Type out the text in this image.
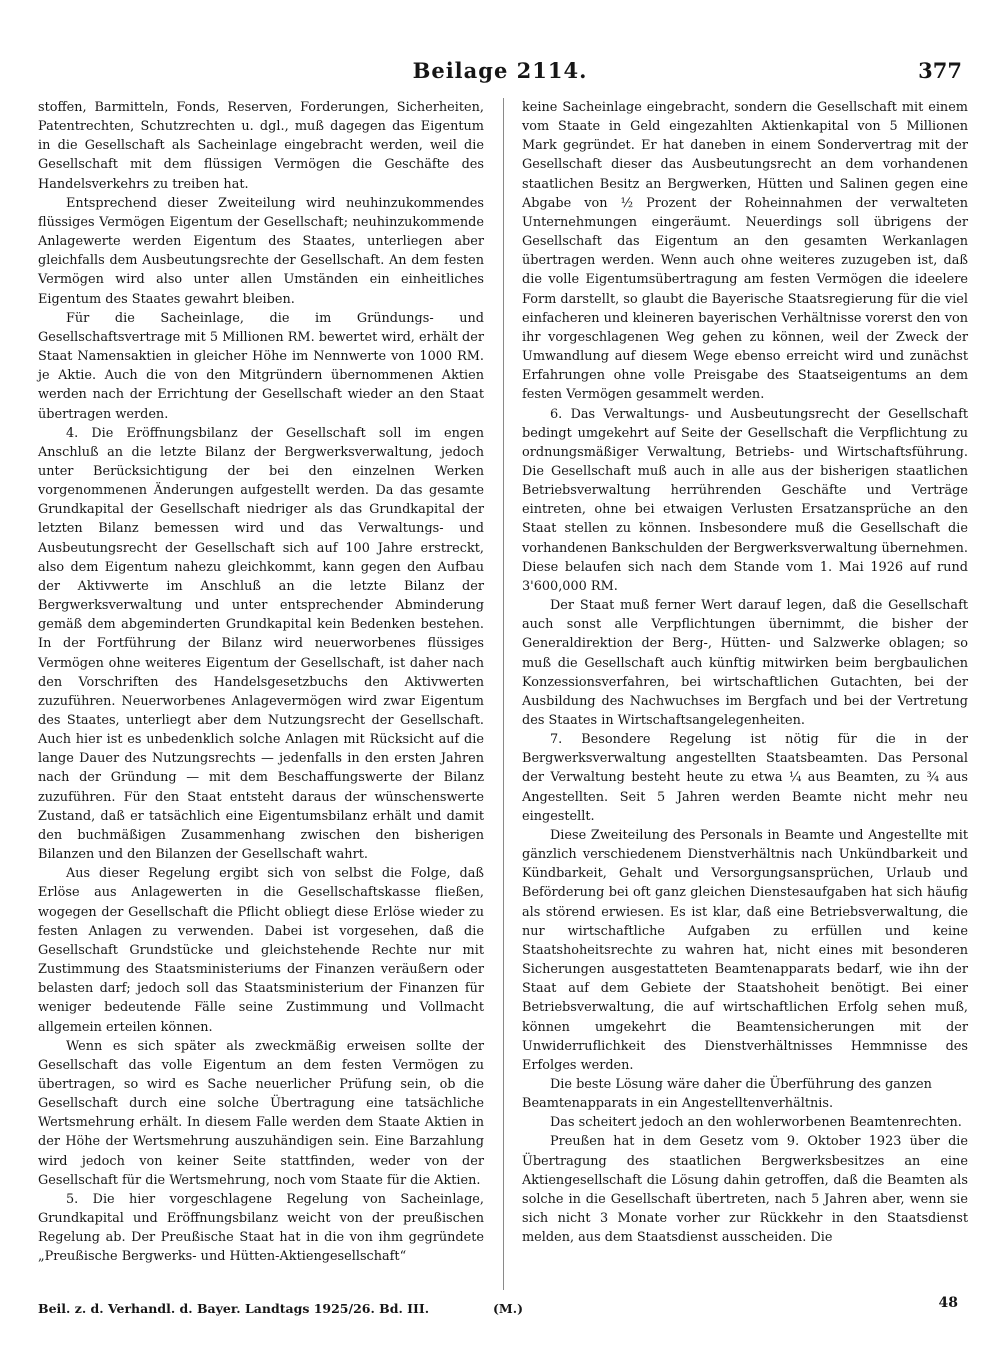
Beilage 2114.	377

stoffen, Barmitteln, Fonds, Reserven, Forderungen, Sicherheiten, Patentrechten, Schutzrechten u. dgl., muß dagegen das Eigentum in die Gesellschaft als Sacheinlage eingebracht werden, weil die Gesellschaft mit dem flüssigen Vermögen die Geschäfte des Handelsverkehrs zu treiben hat.

Entsprechend dieser Zweiteilung wird neuhinzukommendes flüssiges Vermögen Eigentum der Gesellschaft; neuhinzukommende Anlagewerte werden Eigentum des Staates, unterliegen aber gleichfalls dem Ausbeutungsrechte der Gesellschaft. An dem festen Vermögen wird also unter allen Umständen ein einheitliches Eigentum des Staates gewahrt bleiben.

Für die Sacheinlage, die im Gründungs- und Gesellschaftsvertrage mit 5 Millionen RM. bewertet wird, erhält der Staat Namensaktien in gleicher Höhe im Nennwerte von 1000 RM. je Aktie. Auch die von den Mitgründern übernommenen Aktien werden nach der Errichtung der Gesellschaft wieder an den Staat übertragen werden.

4. Die Eröffnungsbilanz der Gesellschaft soll im engen Anschluß an die letzte Bilanz der Bergwerksverwaltung, jedoch unter Berücksichtigung der bei den einzelnen Werken vorgenommenen Änderungen aufgestellt werden. Da das gesamte Grundkapital der Gesellschaft niedriger als das Grundkapital der letzten Bilanz bemessen wird und das Verwaltungs- und Ausbeutungsrecht der Gesellschaft sich auf 100 Jahre erstreckt, also dem Eigentum nahezu gleichkommt, kann gegen den Aufbau der Aktivwerte im Anschluß an die letzte Bilanz der Bergwerksverwaltung und unter entsprechender Abminderung gemäß dem abgeminderten Grundkapital kein Bedenken bestehen. In der Fortführung der Bilanz wird neuerworbenes flüssiges Vermögen ohne weiteres Eigentum der Gesellschaft, ist daher nach den Vorschriften des Handelsgesetzbuchs den Aktivwerten zuzuführen. Neuerworbenes Anlagevermögen wird zwar Eigentum des Staates, unterliegt aber dem Nutzungsrecht der Gesellschaft. Auch hier ist es unbedenklich solche Anlagen mit Rücksicht auf die lange Dauer des Nutzungsrechts — jedenfalls in den ersten Jahren nach der Gründung — mit dem Beschaffungswerte der Bilanz zuzuführen. Für den Staat entsteht daraus der wünschenswerte Zustand, daß er tatsächlich eine Eigentumsbilanz erhält und damit den buchmäßigen Zusammenhang zwischen den bisherigen Bilanzen und den Bilanzen der Gesellschaft wahrt.

Aus dieser Regelung ergibt sich von selbst die Folge, daß Erlöse aus Anlagewerten in die Gesellschaftskasse fließen, wogegen der Gesellschaft die Pflicht obliegt diese Erlöse wieder zu festen Anlagen zu verwenden. Dabei ist vorgesehen, daß die Gesellschaft Grundstücke und gleichstehende Rechte nur mit Zustimmung des Staatsministeriums der Finanzen veräußern oder belasten darf; jedoch soll das Staatsministerium der Finanzen für weniger bedeutende Fälle seine Zustimmung und Vollmacht allgemein erteilen können.

Wenn es sich später als zweckmäßig erweisen sollte der Gesellschaft das volle Eigentum an dem festen Vermögen zu übertragen, so wird es Sache neuerlicher Prüfung sein, ob die Gesellschaft durch eine solche Übertragung eine tatsächliche Wertsmehrung erhält. In diesem Falle werden dem Staate Aktien in der Höhe der Wertsmehrung auszuhändigen sein. Eine Barzahlung wird jedoch von keiner Seite stattfinden, weder von der Gesellschaft für die Wertsmehrung, noch vom Staate für die Aktien.

5. Die hier vorgeschlagene Regelung von Sacheinlage, Grundkapital und Eröffnungsbilanz weicht von der preußischen Regelung ab. Der Preußische Staat hat in die von ihm gegründete „Preußische Bergwerks- und Hütten-Aktiengesellschaft“

keine Sacheinlage eingebracht, sondern die Gesellschaft mit einem vom Staate in Geld eingezahlten Aktienkapital von 5 Millionen Mark gegründet. Er hat daneben in einem Sondervertrag mit der Gesellschaft dieser das Ausbeutungsrecht an dem vorhandenen staatlichen Besitz an Bergwerken, Hütten und Salinen gegen eine Abgabe von ½ Prozent der Roheinnahmen der verwalteten Unternehmungen eingeräumt. Neuerdings soll übrigens der Gesellschaft das Eigentum an den gesamten Werkanlagen übertragen werden. Wenn auch ohne weiteres zuzugeben ist, daß die volle Eigentumsübertragung am festen Vermögen die ideelere Form darstellt, so glaubt die Bayerische Staatsregierung für die viel einfacheren und kleineren bayerischen Verhältnisse vorerst den von ihr vorgeschlagenen Weg gehen zu können, weil der Zweck der Umwandlung auf diesem Wege ebenso erreicht wird und zunächst Erfahrungen ohne volle Preisgabe des Staatseigentums an dem festen Vermögen gesammelt werden.

6. Das Verwaltungs- und Ausbeutungsrecht der Gesellschaft bedingt umgekehrt auf Seite der Gesellschaft die Verpflichtung zu ordnungsmäßiger Verwaltung, Betriebs- und Wirtschaftsführung. Die Gesellschaft muß auch in alle aus der bisherigen staatlichen Betriebsverwaltung herrührenden Geschäfte und Verträge eintreten, ohne bei etwaigen Verlusten Ersatzansprüche an den Staat stellen zu können. Insbesondere muß die Gesellschaft die vorhandenen Bankschulden der Bergwerksverwaltung übernehmen. Diese belaufen sich nach dem Stande vom 1. Mai 1926 auf rund 3'600,000 RM.

Der Staat muß ferner Wert darauf legen, daß die Gesellschaft auch sonst alle Verpflichtungen übernimmt, die bisher der Generaldirektion der Berg-, Hütten- und Salzwerke oblagen; so muß die Gesellschaft auch künftig mitwirken beim bergbaulichen Konzessionsverfahren, bei wirtschaftlichen Gutachten, bei der Ausbildung des Nachwuchses im Bergfach und bei der Vertretung des Staates in Wirtschaftsangelegenheiten.

7. Besondere Regelung ist nötig für die in der Bergwerksverwaltung angestellten Staatsbeamten. Das Personal der Verwaltung besteht heute zu etwa ¼ aus Beamten, zu ¾ aus Angestellten. Seit 5 Jahren werden Beamte nicht mehr neu eingestellt.

Diese Zweiteilung des Personals in Beamte und Angestellte mit gänzlich verschiedenem Dienstverhältnis nach Unkündbarkeit und Kündbarkeit, Gehalt und Versorgungsansprüchen, Urlaub und Beförderung bei oft ganz gleichen Dienstesaufgaben hat sich häufig als störend erwiesen. Es ist klar, daß eine Betriebsverwaltung, die nur wirtschaftliche Aufgaben zu erfüllen und keine Staatshoheitsrechte zu wahren hat, nicht eines mit besonderen Sicherungen ausgestatteten Beamtenapparats bedarf, wie ihn der Staat auf dem Gebiete der Staatshoheit benötigt. Bei einer Betriebsverwaltung, die auf wirtschaftlichen Erfolg sehen muß, können umgekehrt die Beamtensicherungen mit der Unwiderruflichkeit des Dienstverhältnisses Hemmnisse des Erfolges werden.

Die beste Lösung wäre daher die Überführung des ganzen Beamtenapparats in ein Angestelltenverhältnis.

Das scheitert jedoch an den wohlerworbenen Beamtenrechten.

Preußen hat in dem Gesetz vom 9. Oktober 1923 über die Übertragung des staatlichen Bergwerksbesitzes an eine Aktiengesellschaft die Lösung dahin getroffen, daß die Beamten als solche in die Gesellschaft übertreten, nach 5 Jahren aber, wenn sie sich nicht 3 Monate vorher zur Rückkehr in den Staatsdienst melden, aus dem Staatsdienst ausscheiden. Die

Beil. z. d. Verhandl. d. Bayer. Landtags 1925/26. Bd. III.	(M.)	48
